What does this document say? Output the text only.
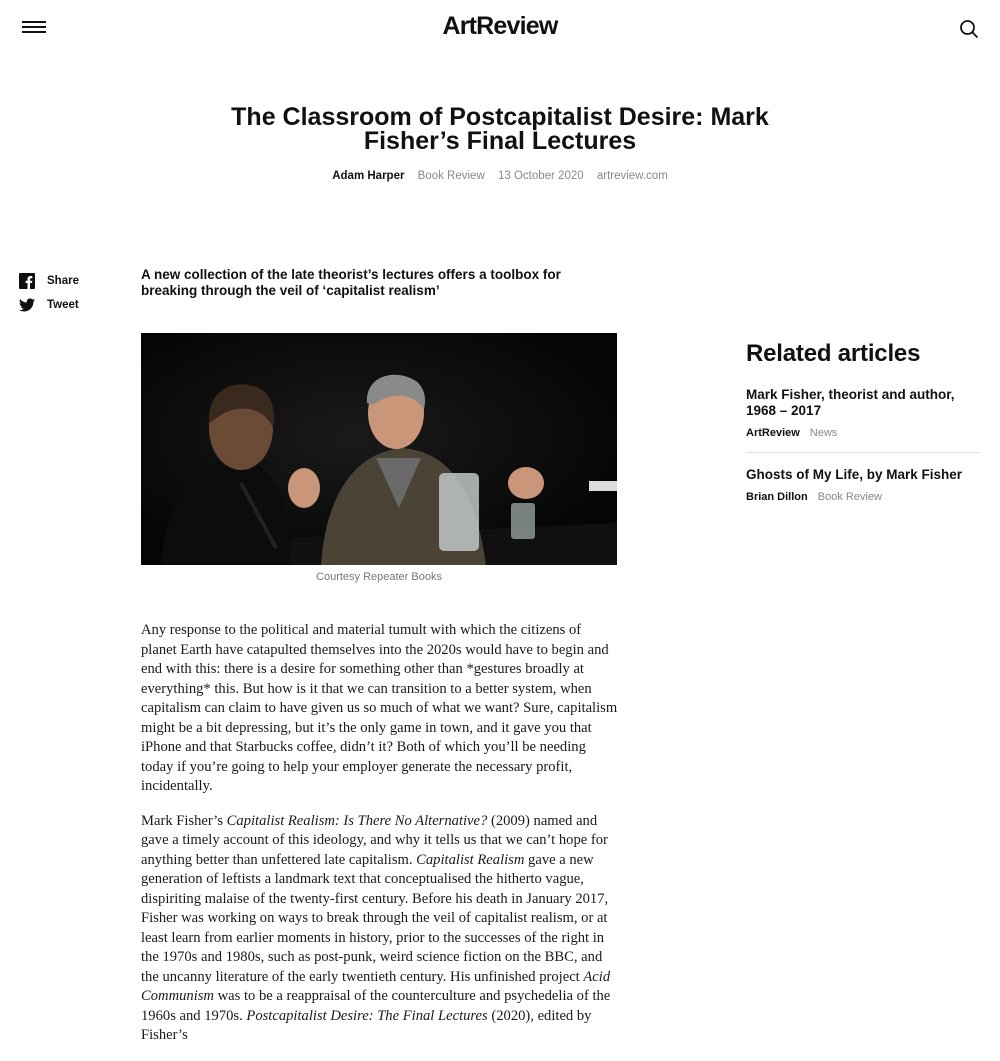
ArtReview
The Classroom of Postcapitalist Desire: Mark Fisher’s Final Lectures
Adam Harper Book Review 13 October 2020 artreview.com
Share
Tweet

A new collection of the late theorist’s lectures offers a toolbox for breaking through the veil of ‘capitalist realism’

Courtesy Repeater Books

Any response to the political and material tumult with which the citizens of planet Earth have catapulted themselves into the 2020s would have to begin and end with this: there is a desire for something other than *gestures broadly at everything* this. But how is it that we can transition to a better system, when capitalism can claim to have given us so much of what we want? Sure, capitalism might be a bit depressing, but it’s the only game in town, and it gave you that iPhone and that Starbucks coffee, didn’t it? Both of which you’ll be needing today if you’re going to help your employer generate the necessary profit, incidentally.

Mark Fisher’s Capitalist Realism: Is There No Alternative? (2009) named and gave a timely account of this ideology, and why it tells us that we can’t hope for anything better than unfettered late capitalism. Capitalist Realism gave a new generation of leftists a landmark text that conceptualised the hitherto vague, dispiriting malaise of the twenty-first century. Before his death in January 2017, Fisher was working on ways to break through the veil of capitalist realism, or at least learn from earlier moments in history, prior to the successes of the right in the 1970s and 1980s, such as post-punk, weird science fiction on the BBC, and the uncanny literature of the early twentieth century. His unfinished project Acid Communism was to be a reappraisal of the counterculture and psychedelia of the 1960s and 1970s. Postcapitalist Desire: The Final Lectures (2020), edited by Fisher’s

Related articles
Mark Fisher, theorist and author, 1968 – 2017
ArtReview News
Ghosts of My Life, by Mark Fisher
Brian Dillon Book Review
